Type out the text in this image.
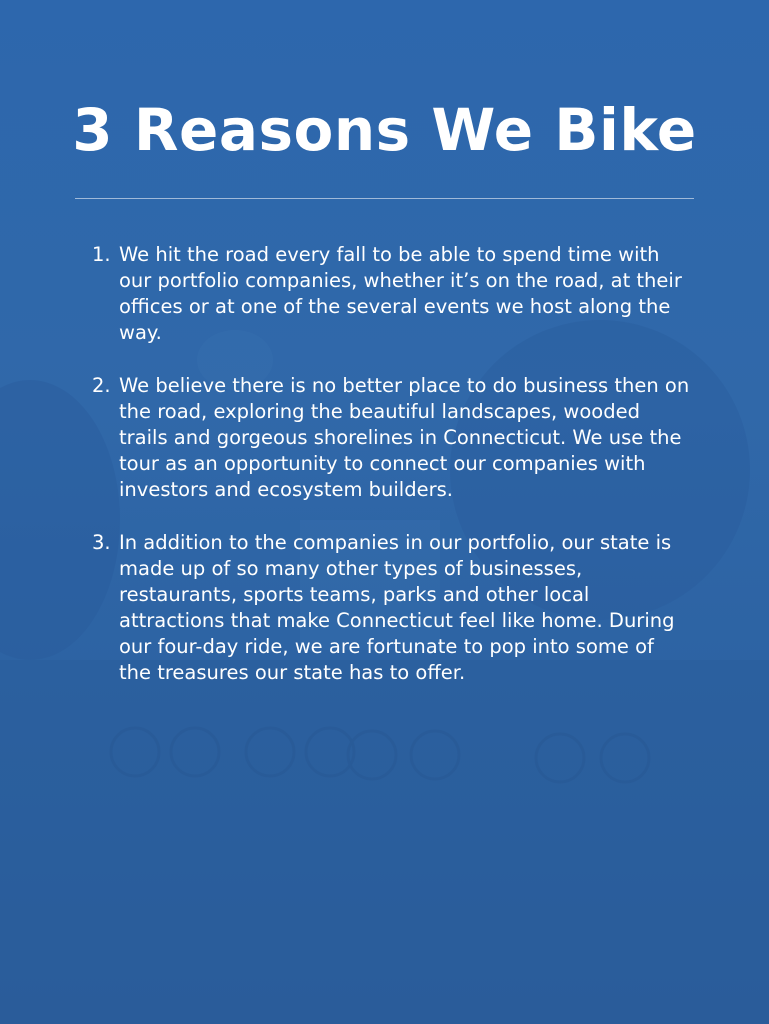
3 Reasons We Bike
1. We hit the road every fall to be able to spend time with our portfolio companies, whether it’s on the road, at their offices or at one of the several events we host along the way.
2. We believe there is no better place to do business then on the road, exploring the beautiful landscapes, wooded trails and gorgeous shorelines in Connecticut. We use the tour as an opportunity to connect our companies with investors and ecosystem builders.
3. In addition to the companies in our portfolio, our state is made up of so many other types of businesses, restaurants, sports teams, parks and other local attractions that make Connecticut feel like home. During our four-day ride, we are fortunate to pop into some of the treasures our state has to offer.
